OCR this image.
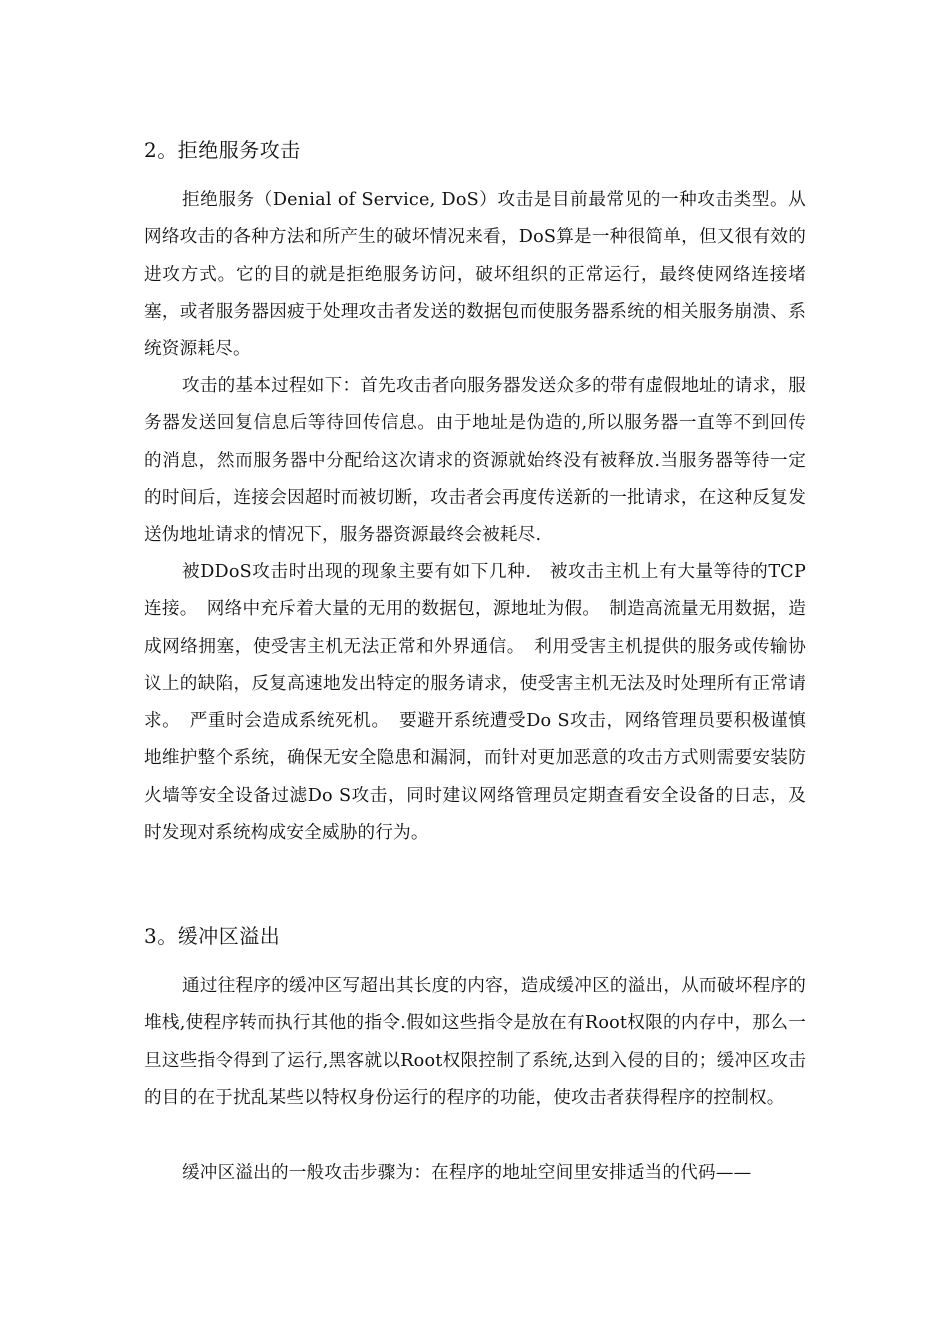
2。拒绝服务攻击

拒绝服务（Denial of Service, DoS）攻击是目前最常见的一种攻击类型。从网络攻击的各种方法和所产生的破坏情况来看，DoS算是一种很简单，但又很有效的进攻方式。它的目的就是拒绝服务访问，破坏组织的正常运行，最终使网络连接堵塞，或者服务器因疲于处理攻击者发送的数据包而使服务器系统的相关服务崩溃、系统资源耗尽。

攻击的基本过程如下：首先攻击者向服务器发送众多的带有虚假地址的请求，服务器发送回复信息后等待回传信息。由于地址是伪造的,所以服务器一直等不到回传的消息，然而服务器中分配给这次请求的资源就始终没有被释放.当服务器等待一定的时间后，连接会因超时而被切断，攻击者会再度传送新的一批请求，在这种反复发送伪地址请求的情况下，服务器资源最终会被耗尽.

被DDoS攻击时出现的现象主要有如下几种.　被攻击主机上有大量等待的TCP连接。　网络中充斥着大量的无用的数据包，源地址为假。　制造高流量无用数据，造成网络拥塞，使受害主机无法正常和外界通信。　利用受害主机提供的服务或传输协议上的缺陷，反复高速地发出特定的服务请求，使受害主机无法及时处理所有正常请求。　严重时会造成系统死机。　要避开系统遭受Do S攻击，网络管理员要积极谨慎地维护整个系统，确保无安全隐患和漏洞，而针对更加恶意的攻击方式则需要安装防火墙等安全设备过滤Do S攻击，同时建议网络管理员定期查看安全设备的日志，及时发现对系统构成安全威胁的行为。

3。缓冲区溢出

通过往程序的缓冲区写超出其长度的内容，造成缓冲区的溢出，从而破坏程序的堆栈,使程序转而执行其他的指令.假如这些指令是放在有Root权限的内存中，那么一旦这些指令得到了运行,黑客就以Root权限控制了系统,达到入侵的目的；缓冲区攻击的目的在于扰乱某些以特权身份运行的程序的功能，使攻击者获得程序的控制权。

缓冲区溢出的一般攻击步骤为：在程序的地址空间里安排适当的代码——
